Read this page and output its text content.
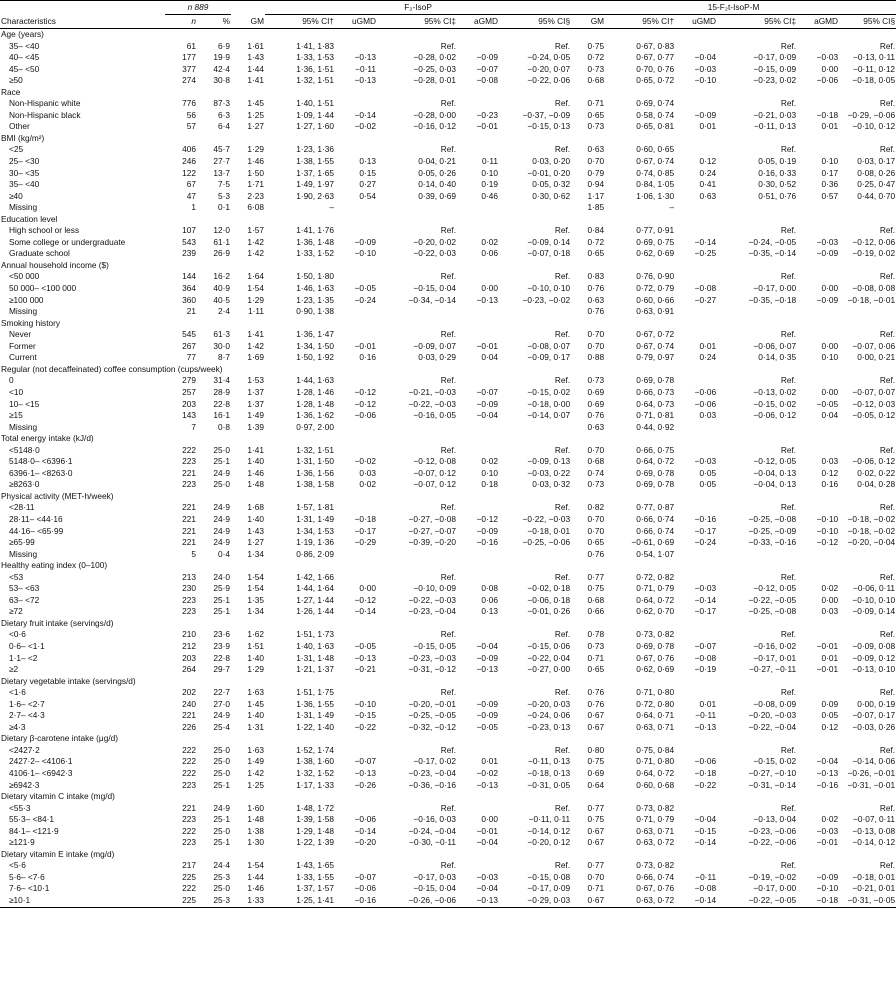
	n 889			F₂-IsoP					15-F₂t-IsoP-M					
Characteristics	n	%	GM	95% CI†	uGMD	95% CI‡	aGMD	95% CI§	GM	95% CI†	uGMD	95% CI‡	aGMD	95% CI§
Age (years)														
35– <40	61	6·9	1·61	1·41, 1·83		Ref.		Ref.	0·75	0·67, 0·83		Ref.		Ref.
40– <45	177	19·9	1·43	1·33, 1·53	−0·13	−0·28, 0·02	−0·09	−0·24, 0·05	0·72	0·67, 0·77	−0·04	−0·17, 0·09	−0·03	−0·13, 0·11
45– <50	377	42·4	1·44	1·36, 1·51	−0·11	−0·25, 0·03	−0·07	−0·20, 0·07	0·73	0·70, 0·76	−0·03	−0·15, 0·09	0·00	−0·11, 0·12
≥50	274	30·8	1·41	1·32, 1·51	−0·13	−0·28, 0·01	−0·08	−0·22, 0·06	0·68	0·65, 0·72	−0·10	−0·23, 0·02	−0·06	−0·18, 0·05
Race														
Non-Hispanic white	776	87·3	1·45	1·40, 1·51		Ref.		Ref.	0·71	0·69, 0·74		Ref.		Ref.
Non-Hispanic black	56	6·3	1·25	1·09, 1·44	−0·14	−0·28, 0·00	−0·23	−0·37, −0·09	0·65	0·58, 0·74	−0·09	−0·21, 0·03	−0·18	−0·29, −0·06
Other	57	6·4	1·27	1·27, 1·60	−0·02	−0·16, 0·12	−0·01	−0·15, 0·13	0·73	0·65, 0·81	0·01	−0·11, 0·13	0·01	−0·10, 0·12
BMI (kg/m²)														
<25	406	45·7	1·29	1·23, 1·36		Ref.		Ref.	0·63	0·60, 0·65		Ref.		Ref.
25– <30	246	27·7	1·46	1·38, 1·55	0·13	0·04, 0·21	0·11	0·03, 0·20	0·70	0·67, 0·74	0·12	0·05, 0·19	0·10	0·03, 0·17
30– <35	122	13·7	1·50	1·37, 1·65	0·15	0·05, 0·26	0·10	−0·01, 0·20	0·79	0·74, 0·85	0·24	0·16, 0·33	0·17	0·08, 0·26
35– <40	67	7·5	1·71	1·49, 1·97	0·27	0·14, 0·40	0·19	0·05, 0·32	0·94	0·84, 1·05	0·41	0·30, 0·52	0·36	0·25, 0·47
≥40	47	5·3	2·23	1·90, 2·63	0·54	0·39, 0·69	0·46	0·30, 0·62	1·17	1·06, 1·30	0·63	0·51, 0·76	0·57	0·44, 0·70
Missing	1	0·1	6·08	–					1·85	–				
Education level														
High school or less	107	12·0	1·57	1·41, 1·76		Ref.		Ref.	0·84	0·77, 0·91		Ref.		Ref.
Some college or undergraduate	543	61·1	1·42	1·36, 1·48	−0·09	−0·20, 0·02	0·02	−0·09, 0·14	0·72	0·69, 0·75	−0·14	−0·24, −0·05	−0·03	−0·12, 0·06
Graduate school	239	26·9	1·42	1·33, 1·52	−0·10	−0·22, 0·03	0·06	−0·07, 0·18	0·65	0·62, 0·69	−0·25	−0·35, −0·14	−0·09	−0·19, 0·02
Annual household income ($)														
<50 000	144	16·2	1·64	1·50, 1·80		Ref.		Ref.	0·83	0·76, 0·90		Ref.		Ref.
50 000– <100 000	364	40·9	1·54	1·46, 1·63	−0·05	−0·15, 0·04	0·00	−0·10, 0·10	0·76	0·72, 0·79	−0·08	−0·17, 0·00	0·00	−0·08, 0·08
≥100 000	360	40·5	1·29	1·23, 1·35	−0·24	−0·34, −0·14	−0·13	−0·23, −0·02	0·63	0·60, 0·66	−0·27	−0·35, −0·18	−0·09	−0·18, −0·01
Missing	21	2·4	1·11	0·90, 1·38					0·76	0·63, 0·91				
Smoking history														
Never	545	61·3	1·41	1·36, 1·47		Ref.		Ref.	0·70	0·67, 0·72		Ref.		Ref.
Former	267	30·0	1·42	1·34, 1·50	−0·01	−0·09, 0·07	−0·01	−0·08, 0·07	0·70	0·67, 0·74	0·01	−0·06, 0·07	0·00	−0·07, 0·06
Current	77	8·7	1·69	1·50, 1·92	0·16	0·03, 0·29	0·04	−0·09, 0·17	0·88	0·79, 0·97	0·24	0·14, 0·35	0·10	0·00, 0·21
Regular (not decaffeinated) coffee consumption (cups/week)														
0	279	31·4	1·53	1·44, 1·63		Ref.		Ref.	0·73	0·69, 0·78		Ref.		Ref.
<10	257	28·9	1·37	1·28, 1·46	−0·12	−0·21, −0·03	−0·07	−0·15, 0·02	0·69	0·66, 0·73	−0·06	−0·13, 0·02	0·00	−0·07, 0·07
10– <15	203	22·8	1·37	1·28, 1·48	−0·12	−0·22, −0·03	−0·09	−0·18, 0·00	0·69	0·64, 0·73	−0·06	−0·15, 0·02	−0·05	−0·12, 0·03
≥15	143	16·1	1·49	1·36, 1·62	−0·06	−0·16, 0·05	−0·04	−0·14, 0·07	0·76	0·71, 0·81	0·03	−0·06, 0·12	0·04	−0·05, 0·12
Missing	7	0·8	1·39	0·97, 2·00					0·63	0·44, 0·92				
Total energy intake (kJ/d)														
<5148·0	222	25·0	1·41	1·32, 1·51		Ref.		Ref.	0·70	0·66, 0·75		Ref.		Ref.
5148·0– <6396·1	223	25·1	1·40	1·31, 1·50	−0·02	−0·12, 0·08	0·02	−0·09, 0·13	0·68	0·64, 0·72	−0·03	−0·12, 0·05	0·03	−0·06, 0·12
6396·1– <8263·0	221	24·9	1·46	1·36, 1·56	0·03	−0·07, 0·12	0·10	−0·03, 0·22	0·74	0·69, 0·78	0·05	−0·04, 0·13	0·12	0·02, 0·22
≥8263·0	223	25·0	1·48	1·38, 1·58	0·02	−0·07, 0·12	0·18	0·03, 0·32	0·73	0·69, 0·78	0·05	−0·04, 0·13	0·16	0·04, 0·28
Physical activity (MET-h/week)														
<28·11	221	24·9	1·68	1·57, 1·81		Ref.		Ref.	0·82	0·77, 0·87		Ref.		Ref.
28·11– <44·16	221	24·9	1·40	1·31, 1·49	−0·18	−0·27, −0·08	−0·12	−0·22, −0·03	0·70	0·66, 0·74	−0·16	−0·25, −0·08	−0·10	−0·18, −0·02
44·16– <65·99	221	24·9	1·43	1·34, 1·53	−0·17	−0·27, −0·07	−0·09	−0·18, 0·01	0·70	0·66, 0·74	−0·17	−0·25, −0·09	−0·10	−0·18, −0·02
≥65·99	221	24·9	1·27	1·19, 1·36	−0·29	−0·39, −0·20	−0·16	−0·25, −0·06	0·65	−0·61, 0·69	−0·24	−0·33, −0·16	−0·12	−0·20, −0·04
Missing	5	0·4	1·34	0·86, 2·09					0·76	0·54, 1·07				
Healthy eating index (0–100)														
<53	213	24·0	1·54	1·42, 1·66		Ref.		Ref.	0·77	0·72, 0·82		Ref.		Ref.
53– <63	230	25·9	1·54	1·44, 1·64	0·00	−0·10, 0·09	0·08	−0·02, 0·18	0·75	0·71, 0·79	−0·03	−0·12, 0·05	0·02	−0·06, 0·11
63– <72	223	25·1	1·35	1·27, 1·44	−0·12	−0·22, −0·03	0·06	−0·06, 0·18	0·68	0·64, 0·72	−0·14	−0·22, −0·05	0·00	−0·10, 0·10
≥72	223	25·1	1·34	1·26, 1·44	−0·14	−0·23, −0·04	0·13	−0·01, 0·26	0·66	0·62, 0·70	−0·17	−0·25, −0·08	0·03	−0·09, 0·14
Dietary fruit intake (servings/d)														
<0·6	210	23·6	1·62	1·51, 1·73		Ref.		Ref.	0·78	0·73, 0·82		Ref.		Ref.
0·6– <1·1	212	23·9	1·51	1·40, 1·63	−0·05	−0·15, 0·05	−0·04	−0·15, 0·06	0·73	0·69, 0·78	−0·07	−0·16, 0·02	−0·01	−0·09, 0·08
1·1– <2	203	22·8	1·40	1·31, 1·48	−0·13	−0·23, −0·03	−0·09	−0·22, 0·04	0·71	0·67, 0·76	−0·08	−0·17, 0·01	0·01	−0·09, 0·12
≥2	264	29·7	1·29	1·21, 1·37	−0·21	−0·31, −0·12	−0·13	−0·27, 0·00	0·65	0·62, 0·69	−0·19	−0·27, −0·11	−0·01	−0·13, 0·10
Dietary vegetable intake (servings/d)														
<1·6	202	22·7	1·63	1·51, 1·75		Ref.		Ref.	0·76	0·71, 0·80		Ref.		Ref.
1·6– <2·7	240	27·0	1·45	1·36, 1·55	−0·10	−0·20, −0·01	−0·09	−0·20, 0·03	0·76	0·72, 0·80	0·01	−0·08, 0·09	0·09	0·00, 0·19
2·7– <4·3	221	24·9	1·40	1·31, 1·49	−0·15	−0·25, −0·05	−0·09	−0·24, 0·06	0·67	0·64, 0·71	−0·11	−0·20, −0·03	0·05	−0·07, 0·17
≥4·3	226	25·4	1·31	1·22, 1·40	−0·22	−0·32, −0·12	−0·05	−0·23, 0·13	0·67	0·63, 0·71	−0·13	−0·22, −0·04	0·12	−0·03, 0·26
Dietary β-carotene intake (μg/d)														
<2427·2	222	25·0	1·63	1·52, 1·74		Ref.		Ref.	0·80	0·75, 0·84		Ref.		Ref.
2427·2– <4106·1	222	25·0	1·49	1·38, 1·60	−0·07	−0·17, 0·02	0·01	−0·11, 0·13	0·75	0·71, 0·80	−0·06	−0·15, 0·02	−0·04	−0·14, 0·06
4106·1– <6942·3	222	25·0	1·42	1·32, 1·52	−0·13	−0·23, −0·04	−0·02	−0·18, 0·13	0·69	0·64, 0·72	−0·18	−0·27, −0·10	−0·13	−0·26, −0·01
≥6942·3	223	25·1	1·25	1·17, 1·33	−0·26	−0·36, −0·16	−0·13	−0·31, 0·05	0·64	0·60, 0·68	−0·22	−0·31, −0·14	−0·16	−0·31, −0·01
Dietary vitamin C intake (mg/d)														
<55·3	221	24·9	1·60	1·48, 1·72		Ref.		Ref.	0·77	0·73, 0·82		Ref.		Ref.
55·3– <84·1	223	25·1	1·48	1·39, 1·58	−0·06	−0·16, 0·03	0·00	−0·11, 0·11	0·75	0·71, 0·79	−0·04	−0·13, 0·04	0·02	−0·07, 0·11
84·1– <121·9	222	25·0	1·38	1·29, 1·48	−0·14	−0·24, −0·04	−0·01	−0·14, 0·12	0·67	0·63, 0·71	−0·15	−0·23, −0·06	−0·03	−0·13, 0·08
≥121·9	223	25·1	1·30	1·22, 1·39	−0·20	−0·30, −0·11	−0·04	−0·20, 0·12	0·67	0·63, 0·72	−0·14	−0·22, −0·06	−0·01	−0·14, 0·12
Dietary vitamin E intake (mg/d)														
<5·6	217	24·4	1·54	1·43, 1·65		Ref.		Ref.	0·77	0·73, 0·82		Ref.		Ref.
5·6– <7·6	225	25·3	1·44	1·33, 1·55	−0·07	−0·17, 0·03	−0·03	−0·15, 0·08	0·70	0·66, 0·74	−0·11	−0·19, −0·02	−0·09	−0·18, 0·01
7·6– <10·1	222	25·0	1·46	1·37, 1·57	−0·06	−0·15, 0·04	−0·04	−0·17, 0·09	0·71	0·67, 0·76	−0·08	−0·17, 0·00	−0·10	−0·21, 0·01
≥10·1	225	25·3	1·33	1·25, 1·41	−0·16	−0·26, −0·06	−0·13	−0·29, 0·03	0·67	0·63, 0·72	−0·14	−0·22, −0·05	−0·18	−0·31, −0·05
